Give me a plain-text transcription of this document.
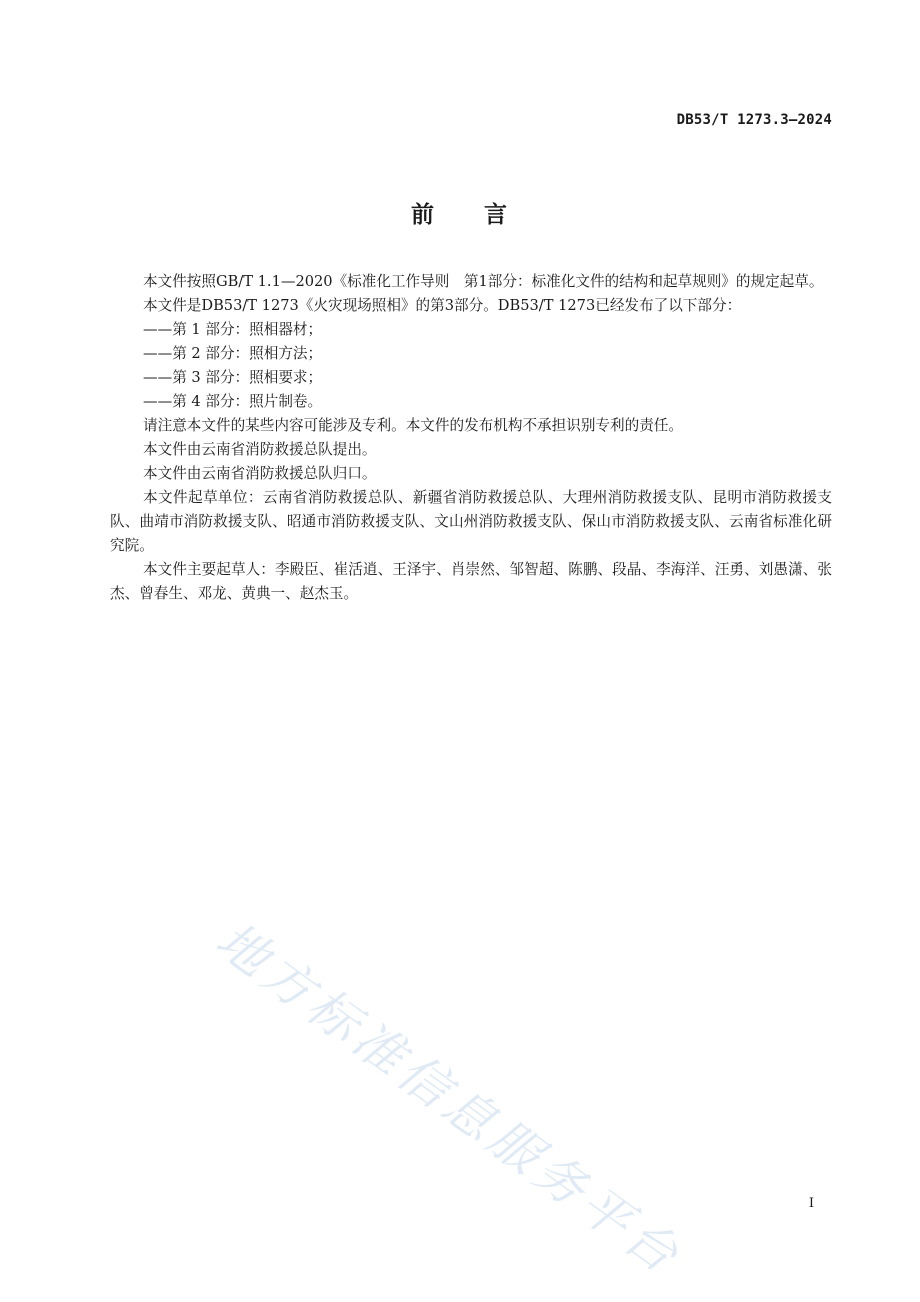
DB53/T 1273.3—2024
前 言

本文件按照GB/T 1.1—2020《标准化工作导则　第1部分：标准化文件的结构和起草规则》的规定起草。

本文件是DB53/T 1273《火灾现场照相》的第3部分。DB53/T 1273已经发布了以下部分：

——第 1 部分：照相器材；

——第 2 部分：照相方法；

——第 3 部分：照相要求；

——第 4 部分：照片制卷。

请注意本文件的某些内容可能涉及专利。本文件的发布机构不承担识别专利的责任。

本文件由云南省消防救援总队提出。

本文件由云南省消防救援总队归口。

本文件起草单位：云南省消防救援总队、新疆省消防救援总队、大理州消防救援支队、昆明市消防救援支队、曲靖市消防救援支队、昭通市消防救援支队、文山州消防救援支队、保山市消防救援支队、云南省标准化研究院。

本文件主要起草人：李殿臣、崔活逍、王泽宇、肖崇然、邹智超、陈鹏、段晶、李海洋、汪勇、刘愚潇、张杰、曾春生、邓龙、黄典一、赵杰玉。

地方标准信息服务平台	I
